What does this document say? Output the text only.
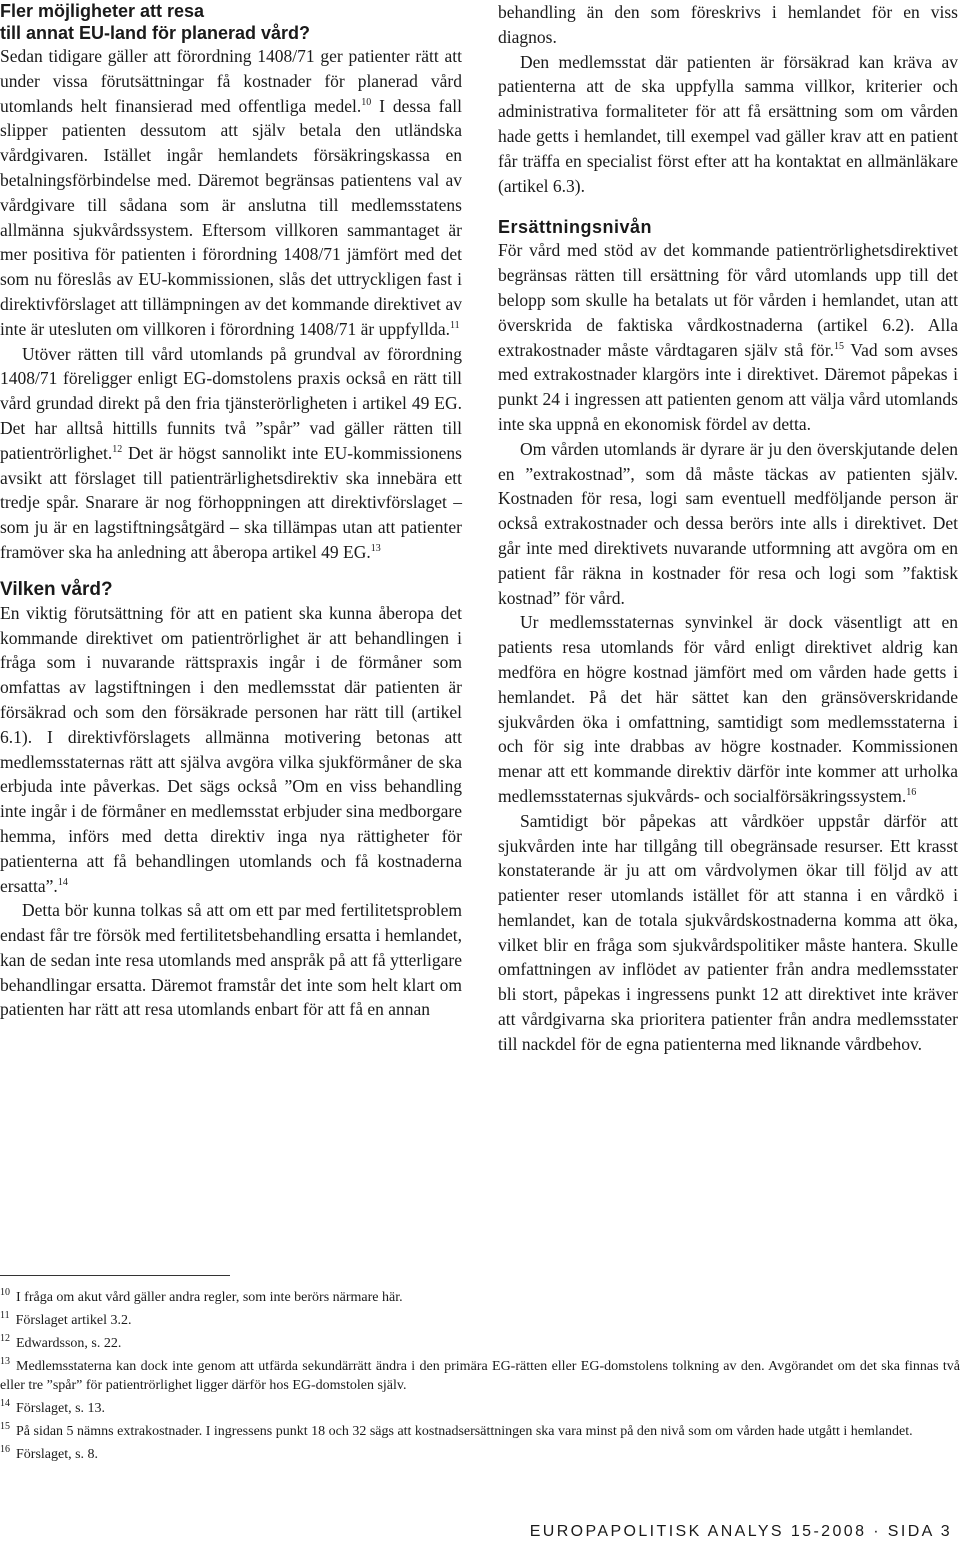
Fler möjligheter att resa
till annat EU-land för planerad vård?

Sedan tidigare gäller att förordning 1408/71 ger patienter rätt att under vissa förutsättningar få kostnader för planerad vård utomlands helt finansierad med offentliga medel.$^{10}$ I dessa fall slipper patienten dessutom att själv betala den utländska vårdgivaren. Istället ingår hemlandets försäkringskassa en betalningsförbindelse med. Däremot begränsas patientens val av vårdgivare till sådana som är anslutna till medlemsstatens allmänna sjukvårdssystem. Eftersom villkoren sammantaget är mer positiva för patienten i förordning 1408/71 jämfört med det som nu föreslås av EU-kommissionen, slås det uttryckligen fast i direktivförslaget att tillämpningen av det kommande direktivet av inte är utesluten om villkoren i förordning 1408/71 är uppfyllda.$^{11}$

Utöver rätten till vård utomlands på grundval av förordning 1408/71 föreligger enligt EG-domstolens praxis också en rätt till vård grundad direkt på den fria tjänsterörligheten i artikel 49 EG. Det har alltså hittills funnits två ”spår” vad gäller rätten till patientrörlighet.$^{12}$ Det är högst sannolikt inte EU-kommissionens avsikt att förslaget till patienträrlighetsdirektiv ska innebära ett tredje spår. Snarare är nog förhoppningen att direktivförslaget – som ju är en lagstiftningsåtgärd – ska tillämpas utan att patienter framöver ska ha anledning att åberopa artikel 49 EG.$^{13}$

Vilken vård?

En viktig förutsättning för att en patient ska kunna åberopa det kommande direktivet om patientrörlighet är att behandlingen i fråga som i nuvarande rättspraxis ingår i de förmåner som omfattas av lagstiftningen i den medlemsstat där patienten är försäkrad och som den försäkrade personen har rätt till (artikel 6.1). I direktivförslagets allmänna motivering betonas att medlemsstaternas rätt att själva avgöra vilka sjukförmåner de ska erbjuda inte påverkas. Det sägs också ”Om en viss behandling inte ingår i de förmåner en medlemsstat erbjuder sina medborgare hemma, införs med detta direktiv inga nya rättigheter för patienterna att få behandlingen utomlands och få kostnaderna ersatta”.$^{14}$

Detta bör kunna tolkas så att om ett par med fertilitetsproblem endast får tre försök med fertilitetsbehandling ersatta i hemlandet, kan de sedan inte resa utomlands med anspråk på att få ytterligare behandlingar ersatta. Däremot framstår det inte som helt klart om patienten har rätt att resa utomlands enbart för att få en annan

behandling än den som föreskrivs i hemlandet för en viss diagnos.

Den medlemsstat där patienten är försäkrad kan kräva av patienterna att de ska uppfylla samma villkor, kriterier och administrativa formaliteter för att få ersättning som om vården hade getts i hemlandet, till exempel vad gäller krav att en patient får träffa en specialist först efter att ha kontaktat en allmänläkare (artikel 6.3).

Ersättningsnivån

För vård med stöd av det kommande patientrörlighetsdirektivet begränsas rätten till ersättning för vård utomlands upp till det belopp som skulle ha betalats ut för vården i hemlandet, utan att överskrida de faktiska vårdkostnaderna (artikel 6.2). Alla extrakostnader måste vårdtagaren själv stå för.$^{15}$ Vad som avses med extrakostnader klargörs inte i direktivet. Däremot påpekas i punkt 24 i ingressen att patienten genom att välja vård utomlands inte ska uppnå en ekonomisk fördel av detta.

Om vården utomlands är dyrare är ju den överskjutande delen en ”extrakostnad”, som då måste täckas av patienten själv. Kostnaden för resa, logi sam eventuell medföljande person är också extrakostnader och dessa berörs inte alls i direktivet. Det går inte med direktivets nuvarande utformning att avgöra om en patient får räkna in kostnader för resa och logi som ”faktisk kostnad” för vård.

Ur medlemsstaternas synvinkel är dock väsentligt att en patients resa utomlands för vård enligt direktivet aldrig kan medföra en högre kostnad jämfört med om vården hade getts i hemlandet. På det här sättet kan den gränsöverskridande sjukvården öka i omfattning, samtidigt som medlemsstaterna i och för sig inte drabbas av högre kostnader. Kommissionen menar att ett kommande direktiv därför inte kommer att urholka medlemsstaternas sjukvårds- och socialförsäkringssystem.$^{16}$

Samtidigt bör påpekas att vårdköer uppstår därför att sjukvården inte har tillgång till obegränsade resurser. Ett krasst konstaterande är ju att om vårdvolymen ökar till följd av att patienter reser utomlands istället för att stanna i en vårdkö i hemlandet, kan de totala sjukvårdskostnaderna komma att öka, vilket blir en fråga som sjukvårdspolitiker måste hantera. Skulle omfattningen av inflödet av patienter från andra medlemsstater bli stort, påpekas i ingressens punkt 12 att direktivet inte kräver att vårdgivarna ska prioritera patienter från andra medlemsstater till nackdel för de egna patienterna med liknande vårdbehov.

$^{10}$ I fråga om akut vård gäller andra regler, som inte berörs närmare här.
$^{11}$ Förslaget artikel 3.2.
$^{12}$ Edwardsson, s. 22.
$^{13}$ Medlemsstaterna kan dock inte genom att utfärda sekundärrätt ändra i den primära EG-rätten eller EG-domstolens tolkning av den. Avgörandet om det ska finnas två eller tre ”spår” för patientrörlighet ligger därför hos EG-domstolen själv.
$^{14}$ Förslaget, s. 13.
$^{15}$ På sidan 5 nämns extrakostnader. I ingressens punkt 18 och 32 sägs att kostnadsersättningen ska vara minst på den nivå som om vården hade utgått i hemlandet.
$^{16}$ Förslaget, s. 8.
EUROPAPOLITISK ANALYS 15-2008 · SIDA 3
